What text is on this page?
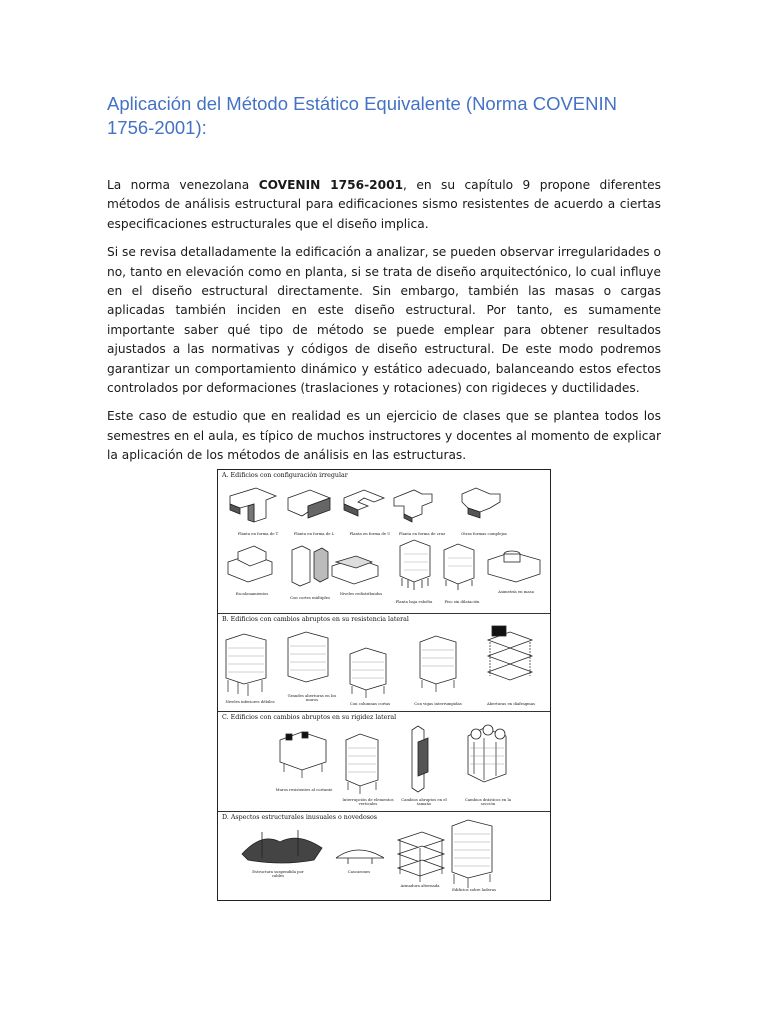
Aplicación del Método Estático Equivalente (Norma COVENIN 1756-2001):

La norma venezolana COVENIN 1756-2001, en su capítulo 9 propone diferentes métodos de análisis estructural para edificaciones sismo resistentes de acuerdo a ciertas especificaciones estructurales que el diseño implica.

Si se revisa detalladamente la edificación a analizar, se pueden observar irregularidades o no, tanto en elevación como en planta, si se trata de diseño arquitectónico, lo cual influye en el diseño estructural directamente. Sin embargo, también las masas o cargas aplicadas también inciden en este diseño estructural. Por tanto, es sumamente importante saber qué tipo de método se puede emplear para obtener resultados ajustados a las normativas y códigos de diseño estructural. De este modo podremos garantizar un comportamiento dinámico y estático adecuado, balanceando estos efectos controlados por deformaciones (traslaciones y rotaciones) con rigideces y ductilidades.

Este caso de estudio que en realidad es un ejercicio de clases que se plantea todos los semestres en el aula, es típico de muchos instructores y docentes al momento de explicar la aplicación de los métodos de análisis en las estructuras.

A. Edificios con configuración irregular
Planta en forma de T	Planta en forma de L	Planta en forma de U	Planta en forma de cruz	Otras formas complejas
Escalonamientos
Con cortes múltiples
Niveles redistribuidos
Planta baja esbelta	Piso sin dilatación
Asimetría en masa
B. Edificios con cambios abruptos en su resistencia lateral
Niveles inferiores débiles
Grandes aberturas en los muros
Con columnas cortas	Con vigas interrumpidas	Aberturas en diafragmas
C. Edificios con cambios abruptos en su rigidez lateral
Muros resistentes al cortante
Interrupción de elementos verticales
Cambios abruptos en el tamaño
Cambios drásticos en la sección
D. Aspectos estructurales inusuales o novedosos
Estructura suspendida por cables
Cascarones
Armadura alternada
Edificios sobre laderas
